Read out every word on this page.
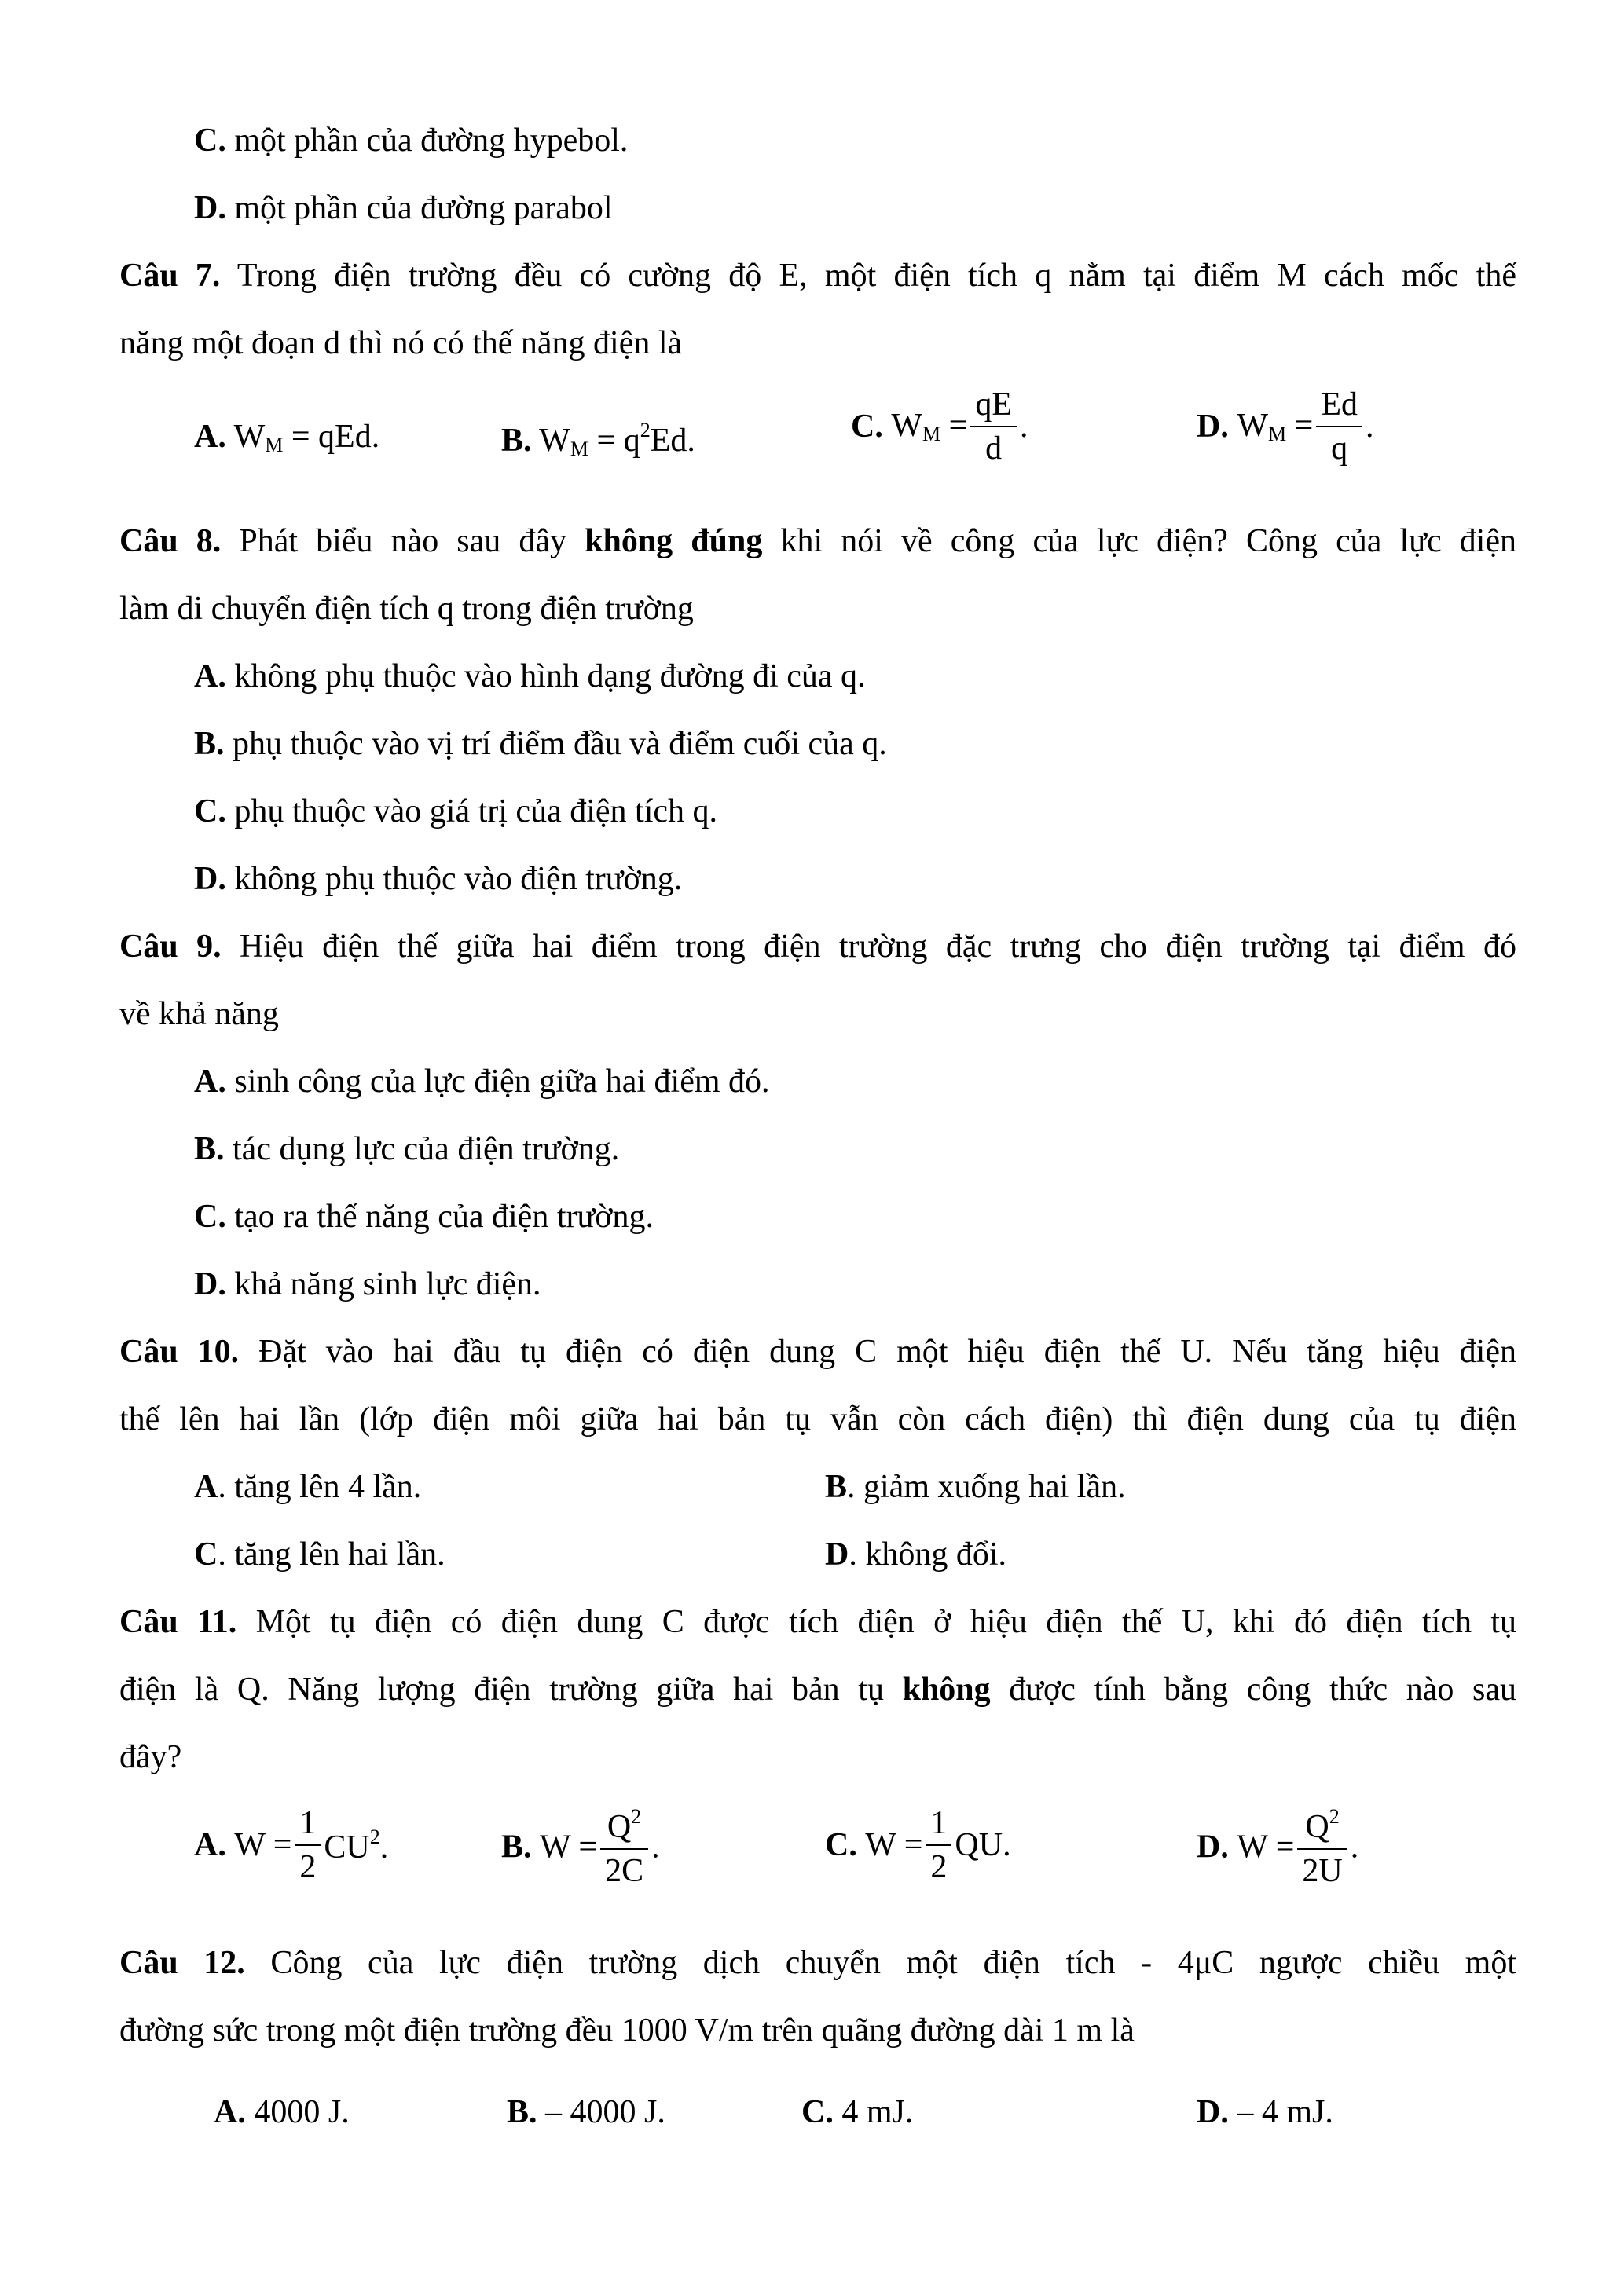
C. một phần của đường hypebol.
D. một phần của đường parabol
Câu 7. Trong điện trường đều có cường độ E, một điện tích q nằm tại điểm M cách mốc thế
năng một đoạn d thì nó có thế năng điện là
A. $W_M$ = qEd.	B. $W_M = q^2Ed$.	C. $W_M = \frac{qE}{d}$ .	D. $W_M = \frac{Ed}{q}$ .
Câu 8. Phát biểu nào sau đây không đúng khi nói về công của lực điện? Công của lực điện
làm di chuyển điện tích q trong điện trường
A. không phụ thuộc vào hình dạng đường đi của q.
B. phụ thuộc vào vị trí điểm đầu và điểm cuối của q.
C. phụ thuộc vào giá trị của điện tích q.
D. không phụ thuộc vào điện trường.
Câu 9. Hiệu điện thế giữa hai điểm trong điện trường đặc trưng cho điện trường tại điểm đó
về khả năng
A. sinh công của lực điện giữa hai điểm đó.
B. tác dụng lực của điện trường.
C. tạo ra thế năng của điện trường.
D. khả năng sinh lực điện.
Câu 10. Đặt vào hai đầu tụ điện có điện dung C một hiệu điện thế U. Nếu tăng hiệu điện
thế lên hai lần (lớp điện môi giữa hai bản tụ vẫn còn cách điện) thì điện dung của tụ điện
A. tăng lên 4 lần.	B. giảm xuống hai lần.
C. tăng lên hai lần.	D. không đổi.
Câu 11. Một tụ điện có điện dung C được tích điện ở hiệu điện thế U, khi đó điện tích tụ
điện là Q. Năng lượng điện trường giữa hai bản tụ không được tính bằng công thức nào sau
đây?
A. $W = \frac{1}{2} CU^2$.	B. $W = \frac{Q^2}{2C}$ .	C. $W = \frac{1}{2}$ QU.	D. $W = \frac{Q^2}{2U}$ .
Câu 12. Công của lực điện trường dịch chuyển một điện tích - 4μC ngược chiều một
đường sức trong một điện trường đều 1000 V/m trên quãng đường dài 1 m là
A. 4000 J.	B. – 4000 J.	C. 4 mJ.	D. – 4 mJ.
